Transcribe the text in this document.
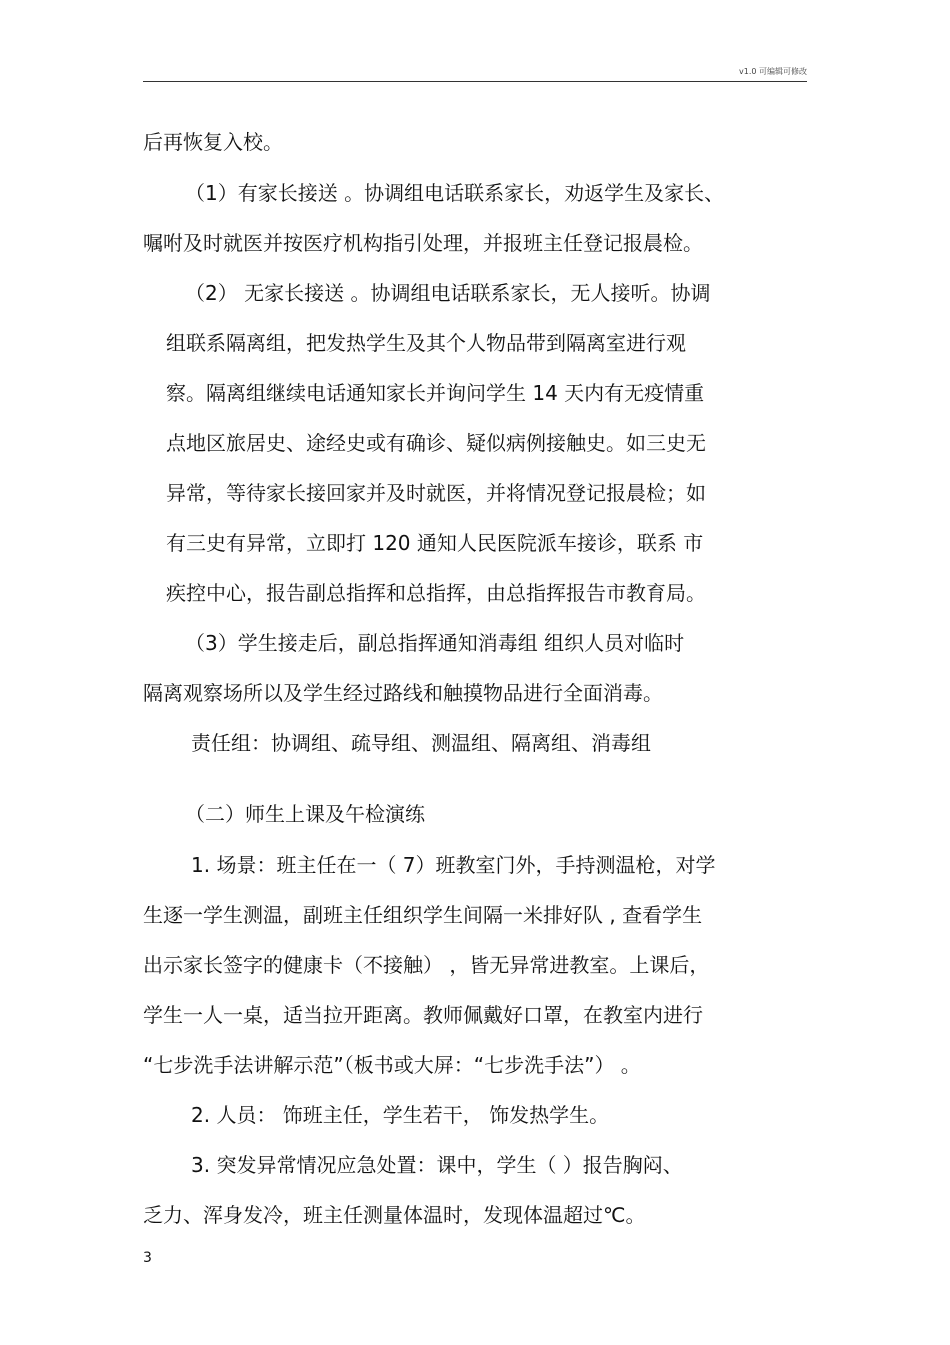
v1.0 可编辑可修改
后再恢复入校。
（1）有家长接送 。协调组电话联系家长，劝返学生及家长、
嘱咐及时就医并按医疗机构指引处理，并报班主任登记报晨检。
（2） 无家长接送 。协调组电话联系家长，无人接听。协调
组联系隔离组，把发热学生及其个人物品带到隔离室进行观
察。隔离组继续电话通知家长并询问学生 14 天内有无疫情重
点地区旅居史、途经史或有确诊、疑似病例接触史。如三史无
异常，等待家长接回家并及时就医，并将情况登记报晨检；如
有三史有异常，立即打 120 通知人民医院派车接诊，联系 市
疾控中心，报告副总指挥和总指挥，由总指挥报告市教育局。
（3）学生接走后，副总指挥通知消毒组 组织人员对临时
隔离观察场所以及学生经过路线和触摸物品进行全面消毒。
责任组：协调组、疏导组、测温组、隔离组、消毒组
（二）师生上课及午检演练
1. 场景：班主任在一（ 7）班教室门外，手持测温枪，对学
生逐一学生测温，副班主任组织学生间隔一米排好队 , 查看学生
出示家长签字的健康卡（不接触） ，皆无异常进教室。上课后，
学生一人一桌，适当拉开距离。教师佩戴好口罩，在教室内进行
“七步洗手法讲解示范”（板书或大屏：“七步洗手法”） 。
2. 人员： 饰班主任，学生若干， 饰发热学生。
3. 突发异常情况应急处置：课中，学生（ ）报告胸闷、
乏力、浑身发冷，班主任测量体温时，发现体温超过℃。
3
